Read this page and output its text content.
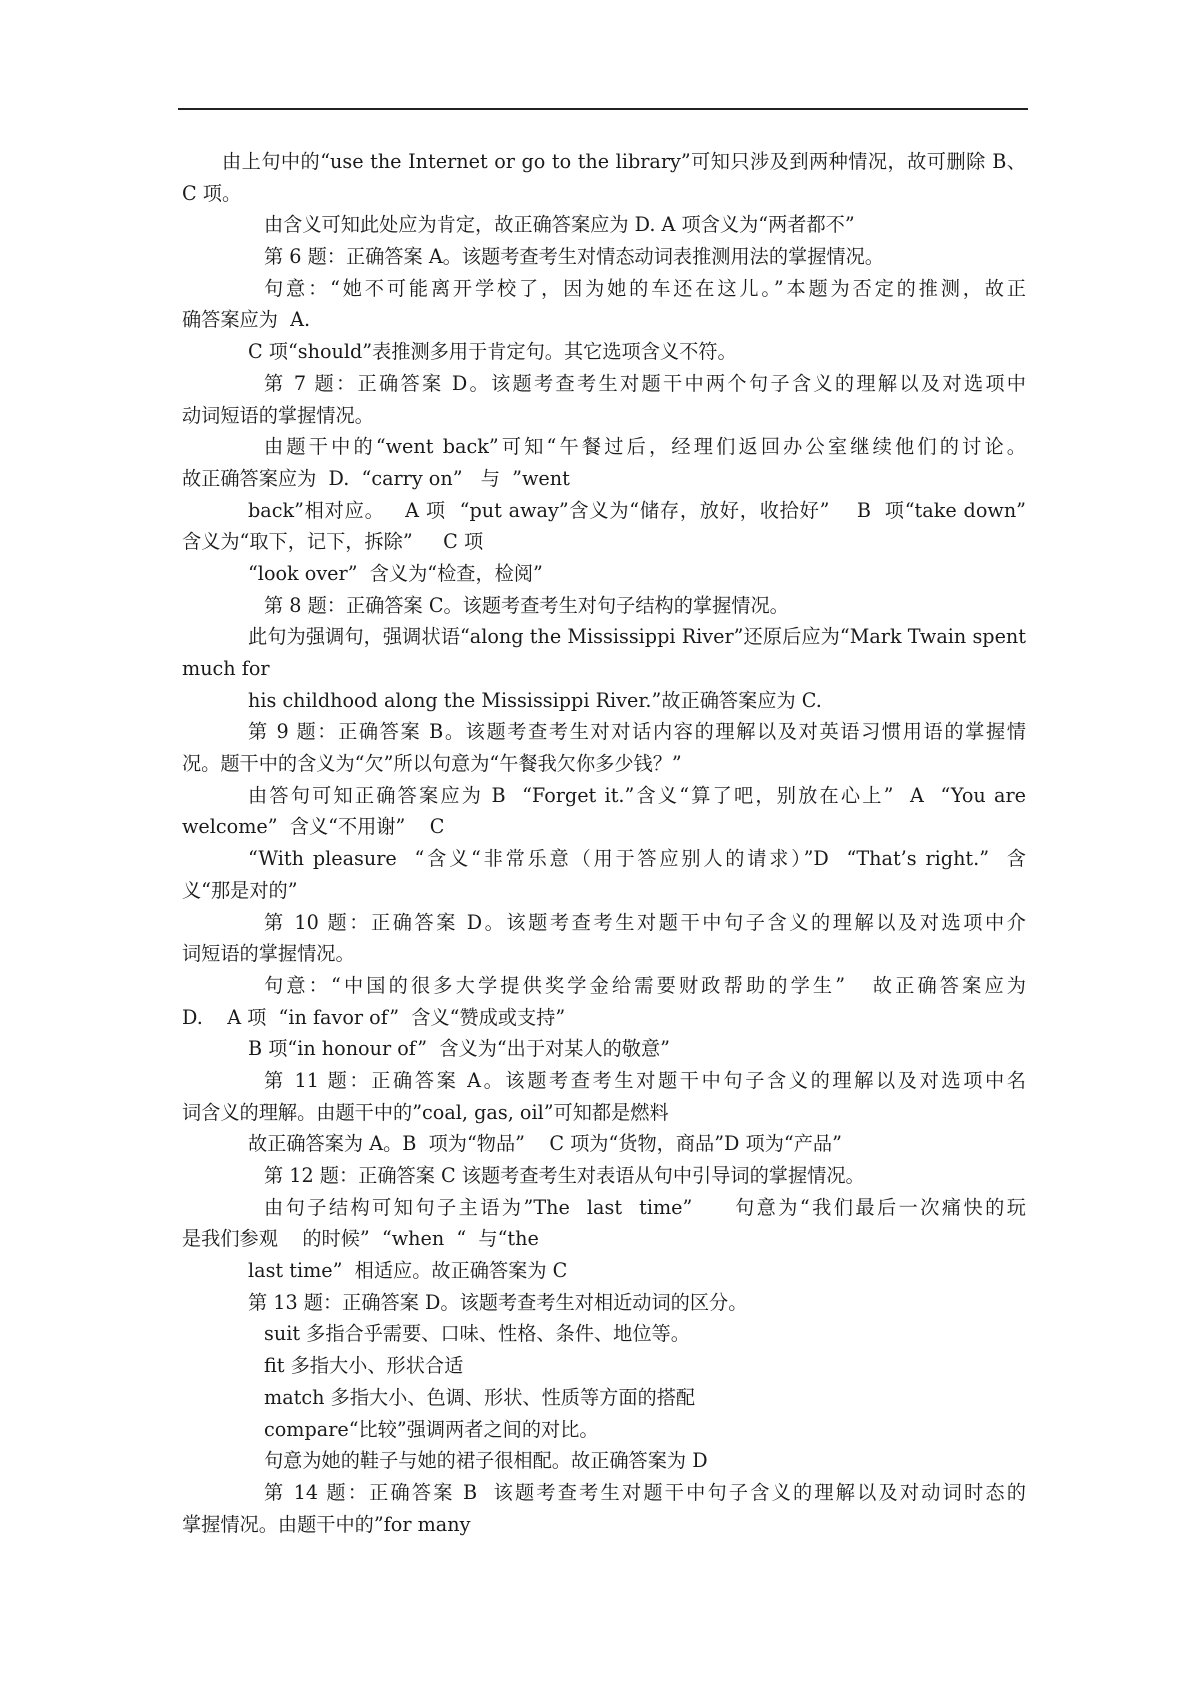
由上句中的“use the Internet or go to the library”可知只涉及到两种情况，故可删除 B、
C 项。
由含义可知此处应为肯定，故正确答案应为 D. A 项含义为“两者都不”
第 6 题：正确答案 A。该题考查考生对情态动词表推测用法的掌握情况。
句意：“她不可能离开学校了，因为她的车还在这儿。”本题为否定的推测，故正
确答案应为  A.
C 项“should”表推测多用于肯定句。其它选项含义不符。
第 7 题：正确答案 D。该题考查考生对题干中两个句子含义的理解以及对选项中
动词短语的掌握情况。
由题干中的“went back”可知“午餐过后，经理们返回办公室继续他们的讨论。
故正确答案应为  D.  “carry on”   与  ”went
back”相对应。   A 项  “put away”含义为“储存，放好，收拾好”    B  项“take down”
含义为“取下，记下，拆除”     C 项
“look over”  含义为“检查，检阅”
第 8 题：正确答案 C。该题考查考生对句子结构的掌握情况。
此句为强调句，强调状语“along the Mississippi River”还原后应为“Mark Twain spent
much for
his childhood along the Mississippi River.”故正确答案应为 C.
第 9 题：正确答案 B。该题考查考生对对话内容的理解以及对英语习惯用语的掌握情
况。题干中的含义为“欠”所以句意为“午餐我欠你多少钱？”
由答句可知正确答案应为 B  “Forget it.”含义“算了吧，别放在心上”  A  “You are
welcome”  含义“不用谢”    C
“With pleasure  “含义“非常乐意（用于答应别人的请求）”D  “That’s right.”  含
义“那是对的”
第 10 题：正确答案 D。该题考查考生对题干中句子含义的理解以及对选项中介
词短语的掌握情况。
句意：“中国的很多大学提供奖学金给需要财政帮助的学生”   故正确答案应为
D.    A 项  “in favor of”  含义“赞成或支持”
B 项“in honour of”  含义为“出于对某人的敬意”
第 11 题：正确答案 A。该题考查考生对题干中句子含义的理解以及对选项中名
词含义的理解。由题干中的”coal, gas, oil”可知都是燃料
故正确答案为 A。B  项为“物品”    C 项为“货物，商品”D 项为“产品”
第 12 题：正确答案 C 该题考查考生对表语从句中引导词的掌握情况。
由句子结构可知句子主语为”The  last  time”     句意为“我们最后一次痛快的玩
是我们参观    的时候”  “when  “  与“the
last time”  相适应。故正确答案为 C
第 13 题：正确答案 D。该题考查考生对相近动词的区分。
suit 多指合乎需要、口味、性格、条件、地位等。
fit 多指大小、形状合适
match 多指大小、色调、形状、性质等方面的搭配
compare“比较”强调两者之间的对比。
句意为她的鞋子与她的裙子很相配。故正确答案为 D
第 14 题：正确答案 B  该题考查考生对题干中句子含义的理解以及对动词时态的
掌握情况。由题干中的”for many
